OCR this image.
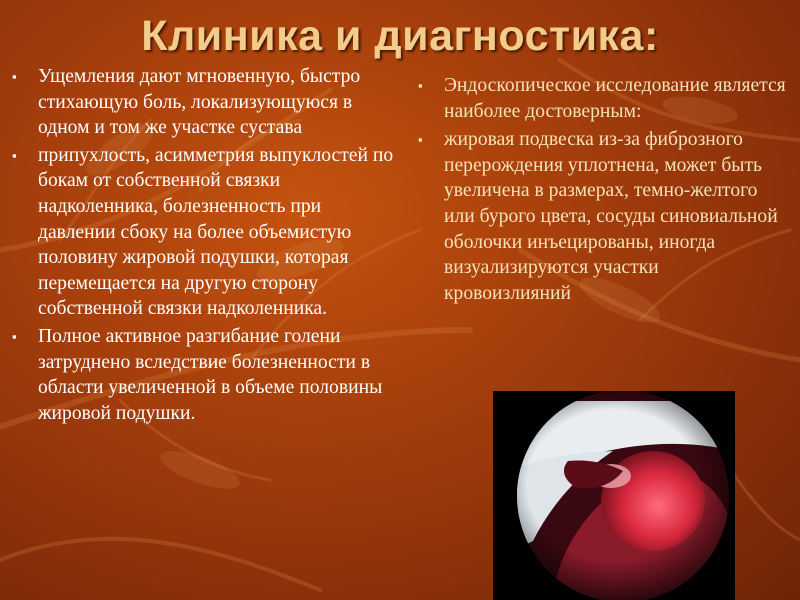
Клиника и диагностика:
▪ Ущемления дают мгновенную, быстро стихающую боль, локализующуюся в одном и том же участке сустава
▪ припухлость, асимметрия выпуклостей по бокам от собственной связки надколенника, болезненность при давлении сбоку на более объемистую половину жировой подушки, которая перемещается на другую сторону собственной связки надколенника.
▪ Полное активное разгибание голени затруднено вследствие болезненности в области увеличенной в объеме половины жировой подушки.
▪ Эндоскопическое исследование является наиболее достоверным:
▪ жировая подвеска из-за фиброзного перерождения уплотнена, может быть увеличена в размерах, темно-желтого или бурого цвета, сосуды синовиальной оболочки инъецированы, иногда визуализируются участки кровоизлияний
